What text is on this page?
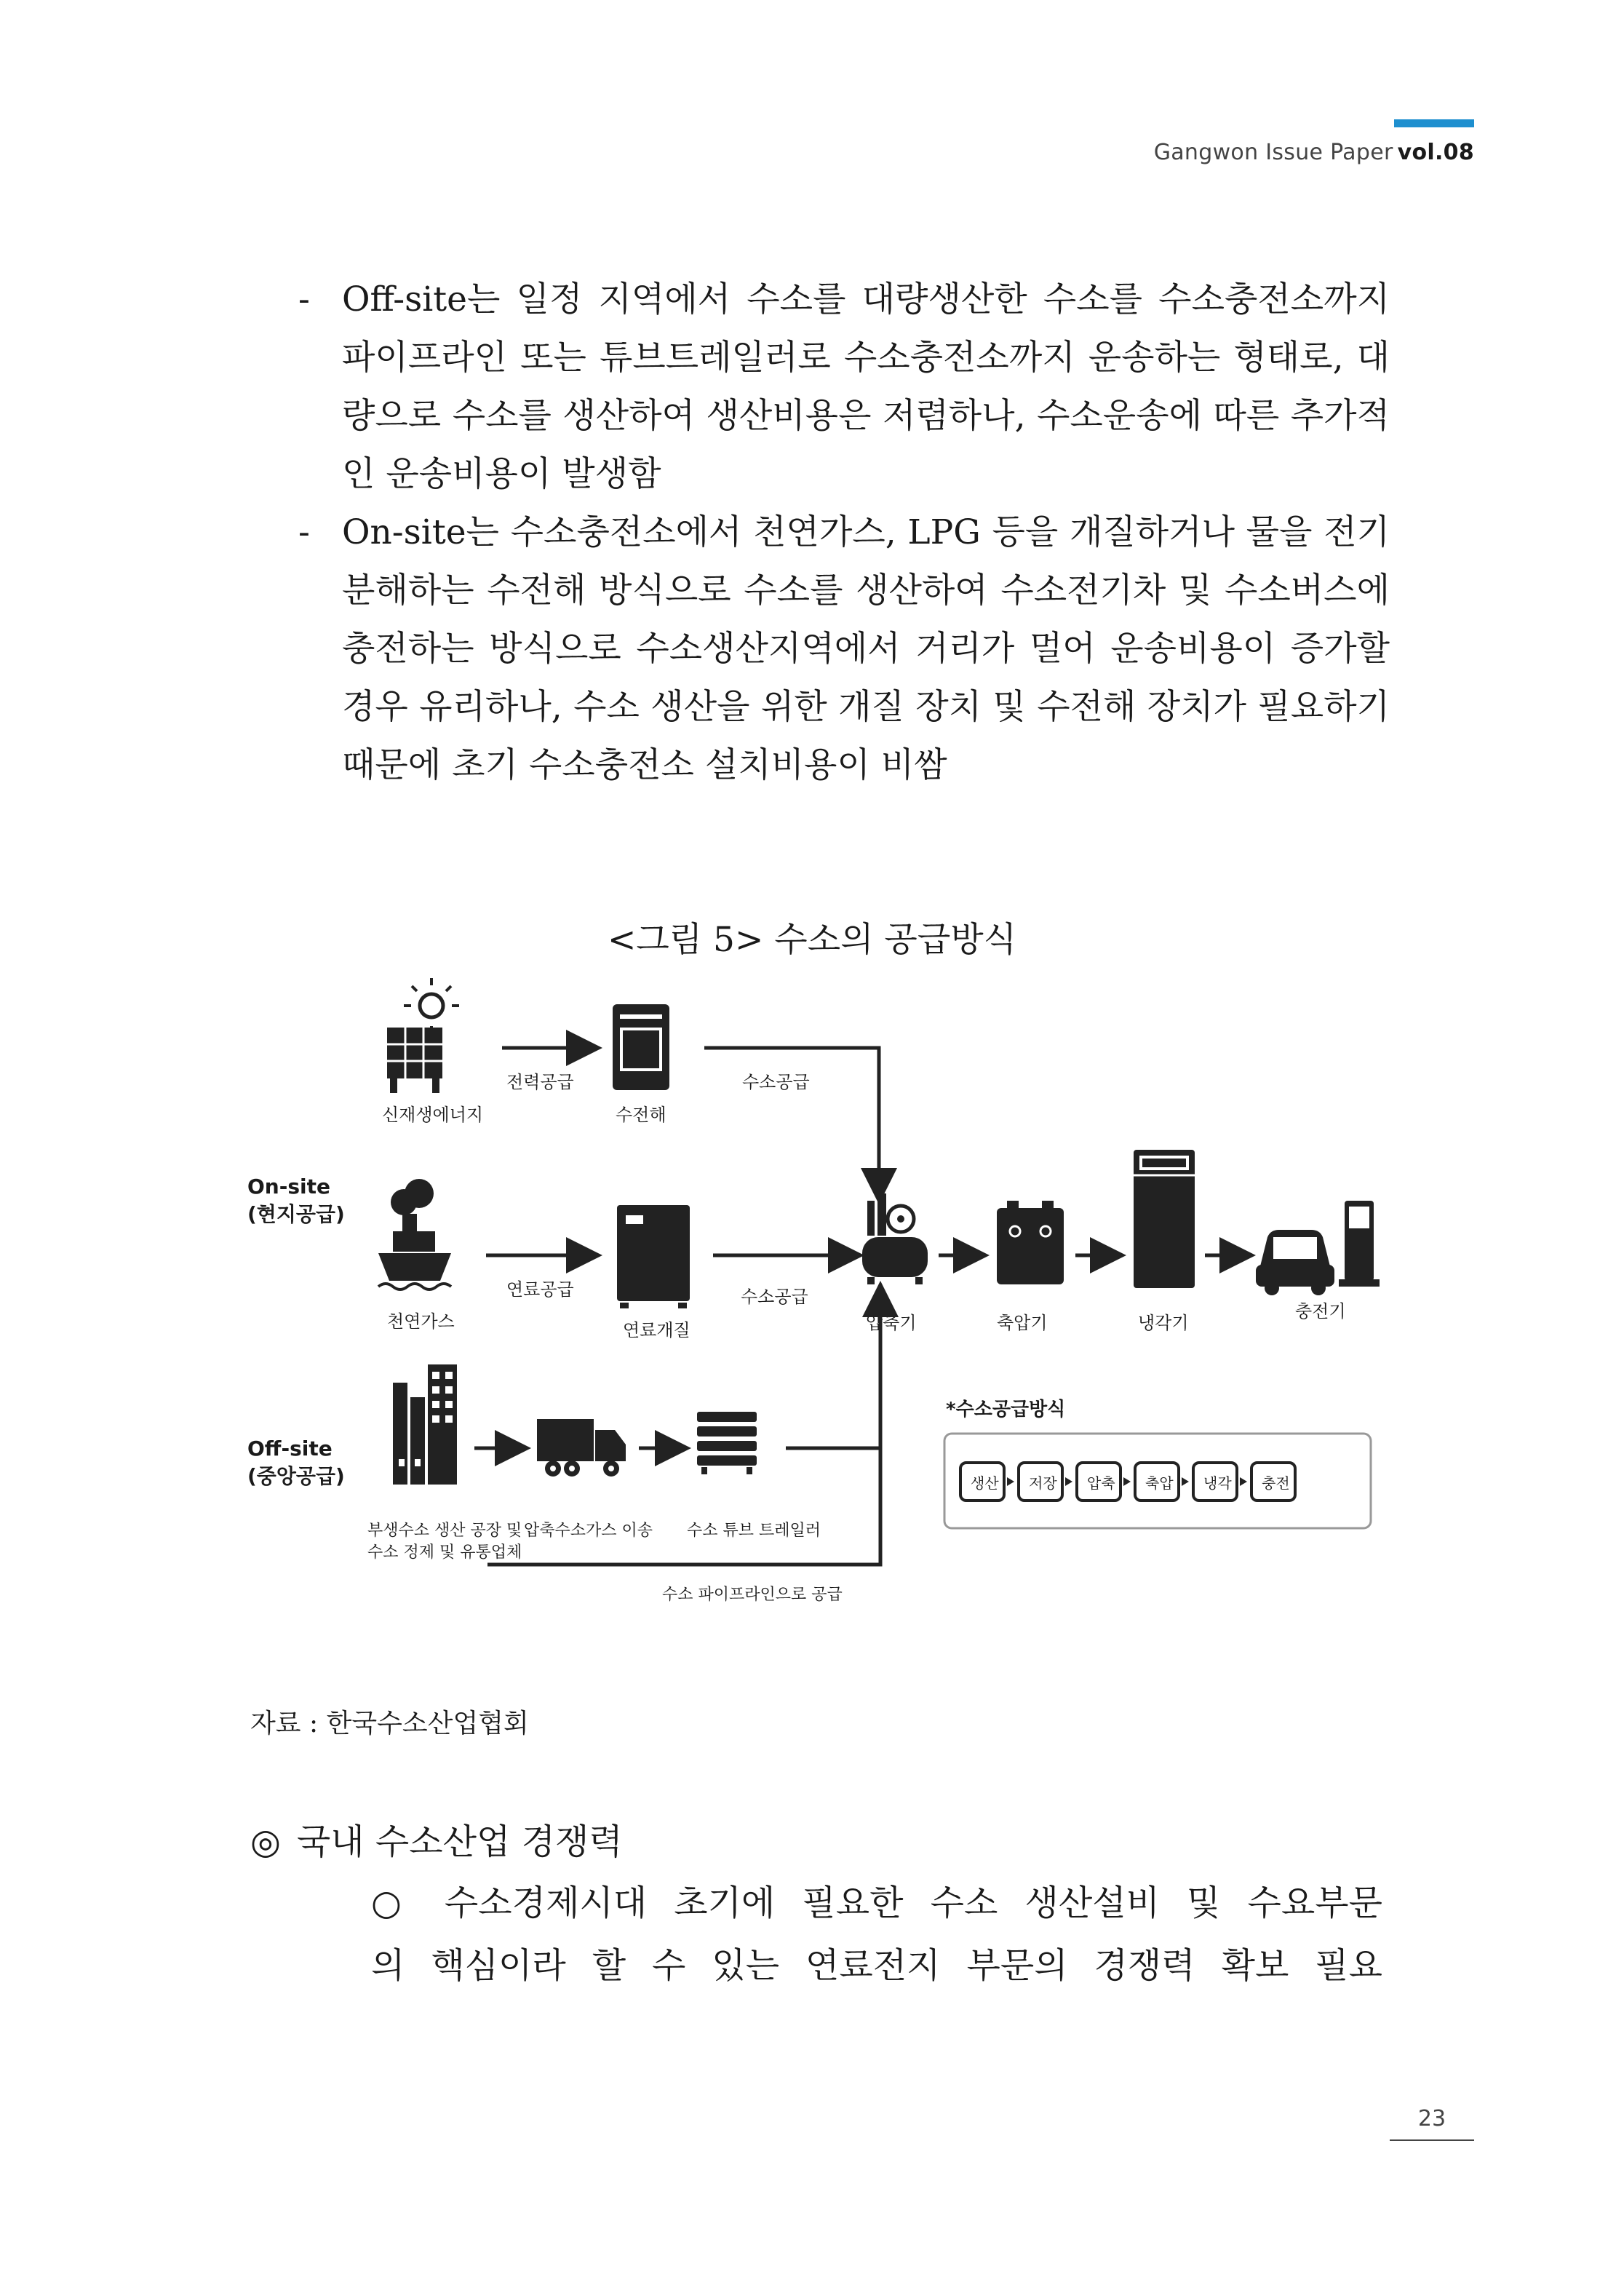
Gangwon Issue Paper vol.08
- Off-site는 일정 지역에서 수소를 대량생산한 수소를 수소충전소까지 파이프라인 또는 튜브트레일러로 수소충전소까지 운송하는 형태로, 대량으로 수소를 생산하여 생산비용은 저렴하나, 수소운송에 따른 추가적인 운송비용이 발생함
- On-site는 수소충전소에서 천연가스, LPG 등을 개질하거나 물을 전기분해하는 수전해 방식으로 수소를 생산하여 수소전기차 및 수소버스에 충전하는 방식으로 수소생산지역에서 거리가 멀어 운송비용이 증가할 경우 유리하나, 수소 생산을 위한 개질 장치 및 수전해 장치가 필요하기 때문에 초기 수소충전소 설치비용이 비쌈
<그림 5> 수소의 공급방식
On-site
(현지공급)
Off-site
(중앙공급)
신재생에너지
전력공급
수전해
수소공급
천연가스
연료공급
연료개질
수소공급
압축기	축압기	냉각기
충전기
부생수소 생산 공장 및
수소 정제 및 유통업체
압축수소가스 이송 수소 튜브 트레일러
수소 파이프라인으로 공급
*수소공급방식
생산 저장 압축 축압 냉각 충전
자료 : 한국수소산업협회
◎ 국내 수소산업 경쟁력
○ 수소경제시대 초기에 필요한 수소 생산설비 및 수요부문
의 핵심이라 할 수 있는 연료전지 부문의 경쟁력 확보 필요
23
